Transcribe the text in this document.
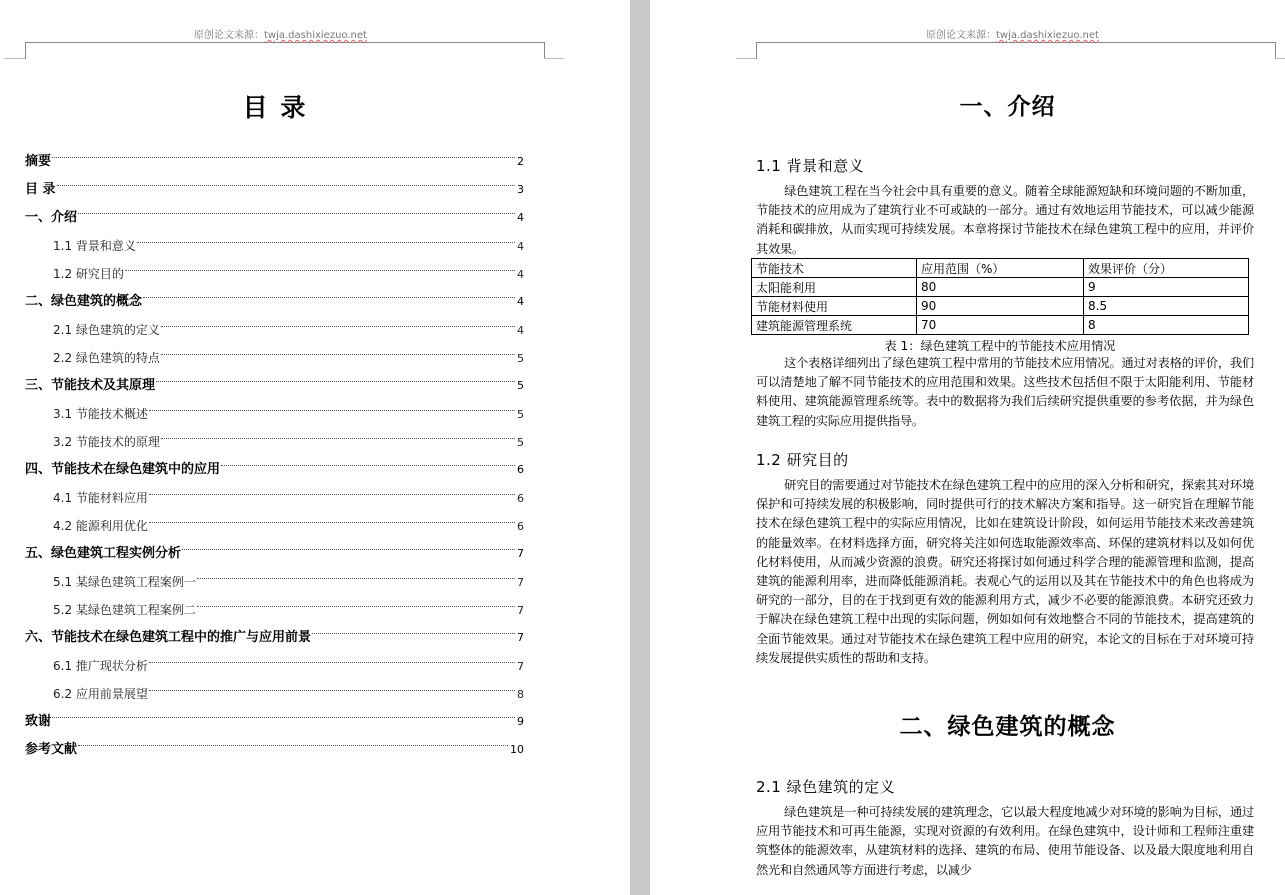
原创论文来源：twja.dashixiezuo.net
目 录
摘要	2
目 录	3
一、介绍	4
1.1 背景和意义	4
1.2 研究目的	4
二、绿色建筑的概念	4
2.1 绿色建筑的定义	4
2.2 绿色建筑的特点	5
三、节能技术及其原理	5
3.1 节能技术概述	5
3.2 节能技术的原理	5
四、节能技术在绿色建筑中的应用	6
4.1 节能材料应用	6
4.2 能源利用优化	6
五、绿色建筑工程实例分析	7
5.1 某绿色建筑工程案例一	7
5.2 某绿色建筑工程案例二	7
六、节能技术在绿色建筑工程中的推广与应用前景	7
6.1 推广现状分析	7
6.2 应用前景展望	8
致谢	9
参考文献	10
原创论文来源：twja.dashixiezuo.net
一、介绍
1.1 背景和意义

绿色建筑工程在当今社会中具有重要的意义。随着全球能源短缺和环境问题的不断加重，节能技术的应用成为了建筑行业不可或缺的一部分。通过有效地运用节能技术，可以减少能源消耗和碳排放，从而实现可持续发展。本章将探讨节能技术在绿色建筑工程中的应用，并评价其效果。

节能技术	应用范围（%）	效果评价（分）
太阳能利用	80	9
节能材料使用	90	8.5
建筑能源管理系统	70	8
表 1：绿色建筑工程中的节能技术应用情况

这个表格详细列出了绿色建筑工程中常用的节能技术应用情况。通过对表格的评价，我们可以清楚地了解不同节能技术的应用范围和效果。这些技术包括但不限于太阳能利用、节能材料使用、建筑能源管理系统等。表中的数据将为我们后续研究提供重要的参考依据，并为绿色建筑工程的实际应用提供指导。

1.2 研究目的

研究目的需要通过对节能技术在绿色建筑工程中的应用的深入分析和研究，探索其对环境保护和可持续发展的积极影响，同时提供可行的技术解决方案和指导。这一研究旨在理解节能技术在绿色建筑工程中的实际应用情况，比如在建筑设计阶段，如何运用节能技术来改善建筑的能量效率。在材料选择方面，研究将关注如何选取能源效率高、环保的建筑材料以及如何优化材料使用，从而减少资源的浪费。研究还将探讨如何通过科学合理的能源管理和监测，提高建筑的能源利用率，进而降低能源消耗。表观心气的运用以及其在节能技术中的角色也将成为研究的一部分，目的在于找到更有效的能源利用方式，减少不必要的能源浪费。本研究还致力于解决在绿色建筑工程中出现的实际问题，例如如何有效地整合不同的节能技术，提高建筑的全面节能效果。通过对节能技术在绿色建筑工程中应用的研究，本论文的目标在于对环境可持续发展提供实质性的帮助和支持。

二、绿色建筑的概念
2.1 绿色建筑的定义

绿色建筑是一种可持续发展的建筑理念，它以最大程度地减少对环境的影响为目标，通过应用节能技术和可再生能源，实现对资源的有效利用。在绿色建筑中，设计师和工程师注重建筑整体的能源效率，从建筑材料的选择、建筑的布局、使用节能设备、以及最大限度地利用自然光和自然通风等方面进行考虑，以减少
